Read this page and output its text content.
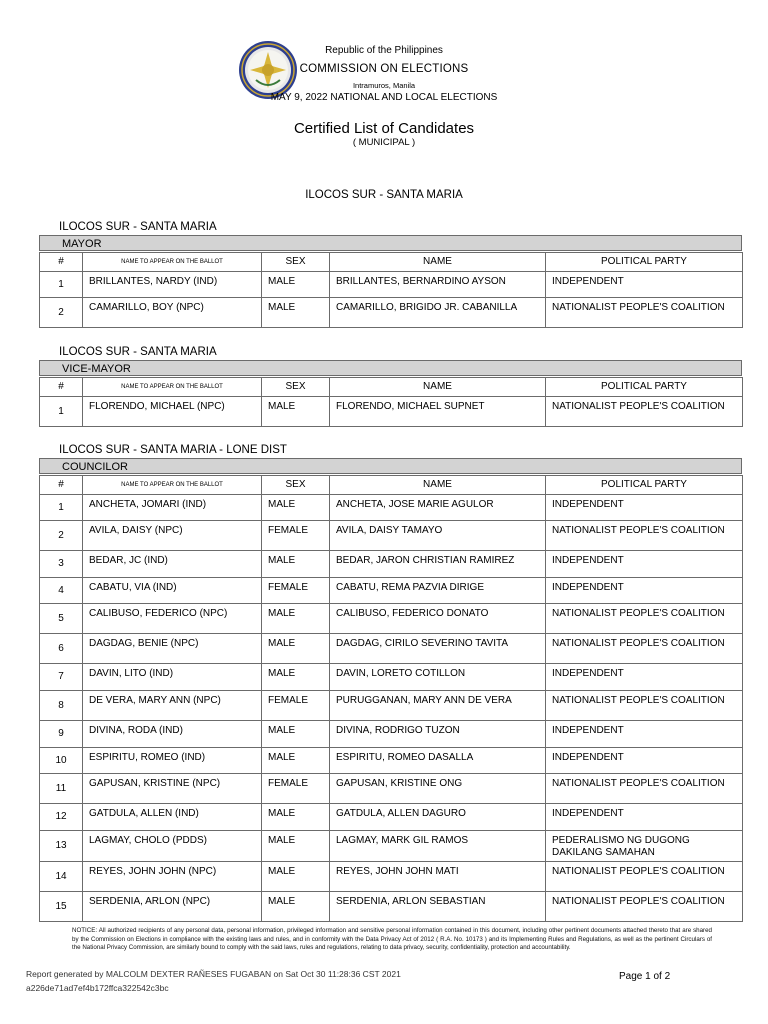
Republic of the Philippines
COMMISSION ON ELECTIONS
Intramuros, Manila
MAY 9, 2022 NATIONAL AND LOCAL ELECTIONS
Certified List of Candidates
( MUNICIPAL )
ILOCOS SUR - SANTA MARIA
ILOCOS SUR - SANTA MARIA
MAYOR
#	NAME TO APPEAR ON THE BALLOT	SEX	NAME	POLITICAL PARTY
1	BRILLANTES, NARDY (IND)	MALE	BRILLANTES, BERNARDINO AYSON	INDEPENDENT
2	CAMARILLO, BOY (NPC)	MALE	CAMARILLO, BRIGIDO JR. CABANILLA	NATIONALIST PEOPLE'S COALITION
ILOCOS SUR - SANTA MARIA
VICE-MAYOR
#	NAME TO APPEAR ON THE BALLOT	SEX	NAME	POLITICAL PARTY
1	FLORENDO, MICHAEL (NPC)	MALE	FLORENDO, MICHAEL SUPNET	NATIONALIST PEOPLE'S COALITION
ILOCOS SUR - SANTA MARIA - LONE DIST
COUNCILOR
#	NAME TO APPEAR ON THE BALLOT	SEX	NAME	POLITICAL PARTY
1	ANCHETA, JOMARI (IND)	MALE	ANCHETA, JOSE MARIE AGULOR	INDEPENDENT
2	AVILA, DAISY (NPC)	FEMALE	AVILA, DAISY TAMAYO	NATIONALIST PEOPLE'S COALITION
3	BEDAR, JC (IND)	MALE	BEDAR, JARON CHRISTIAN RAMIREZ	INDEPENDENT
4	CABATU, VIA (IND)	FEMALE	CABATU, REMA PAZVIA DIRIGE	INDEPENDENT
5	CALIBUSO, FEDERICO (NPC)	MALE	CALIBUSO, FEDERICO DONATO	NATIONALIST PEOPLE'S COALITION
6	DAGDAG, BENIE (NPC)	MALE	DAGDAG, CIRILO SEVERINO TAVITA	NATIONALIST PEOPLE'S COALITION
7	DAVIN, LITO (IND)	MALE	DAVIN, LORETO COTILLON	INDEPENDENT
8	DE VERA, MARY ANN (NPC)	FEMALE	PURUGGANAN, MARY ANN DE VERA	NATIONALIST PEOPLE'S COALITION
9	DIVINA, RODA (IND)	MALE	DIVINA, RODRIGO TUZON	INDEPENDENT
10	ESPIRITU, ROMEO (IND)	MALE	ESPIRITU, ROMEO DASALLA	INDEPENDENT
11	GAPUSAN, KRISTINE (NPC)	FEMALE	GAPUSAN, KRISTINE ONG	NATIONALIST PEOPLE'S COALITION
12	GATDULA, ALLEN (IND)	MALE	GATDULA, ALLEN DAGURO	INDEPENDENT
13	LAGMAY, CHOLO (PDDS)	MALE	LAGMAY, MARK GIL RAMOS	PEDERALISMO NG DUGONG DAKILANG SAMAHAN
14	REYES, JOHN JOHN (NPC)	MALE	REYES, JOHN JOHN MATI	NATIONALIST PEOPLE'S COALITION
15	SERDENIA, ARLON (NPC)	MALE	SERDENIA, ARLON SEBASTIAN	NATIONALIST PEOPLE'S COALITION
NOTICE: All authorized recipients of any personal data, personal information, privileged information and sensitive personal information contained in this document, including other pertinent documents attached thereto that are shared by the Commission on Elections in compliance with the existing laws and rules, and in conformity with the Data Privacy Act of 2012 ( R.A. No. 10173 ) and its Implementing Rules and Regulations, as well as the pertinent Circulars of the National Privacy Commission, are similarly bound to comply with the said laws, rules and regulations, relating to data privacy, security, confidentiality, protection and accountability.
Report generated by MALCOLM DEXTER RAÑESES FUGABAN on Sat Oct 30 11:28:36 CST 2021
a226de71ad7ef4b172ffca322542c3bc
Page 1 of 2
